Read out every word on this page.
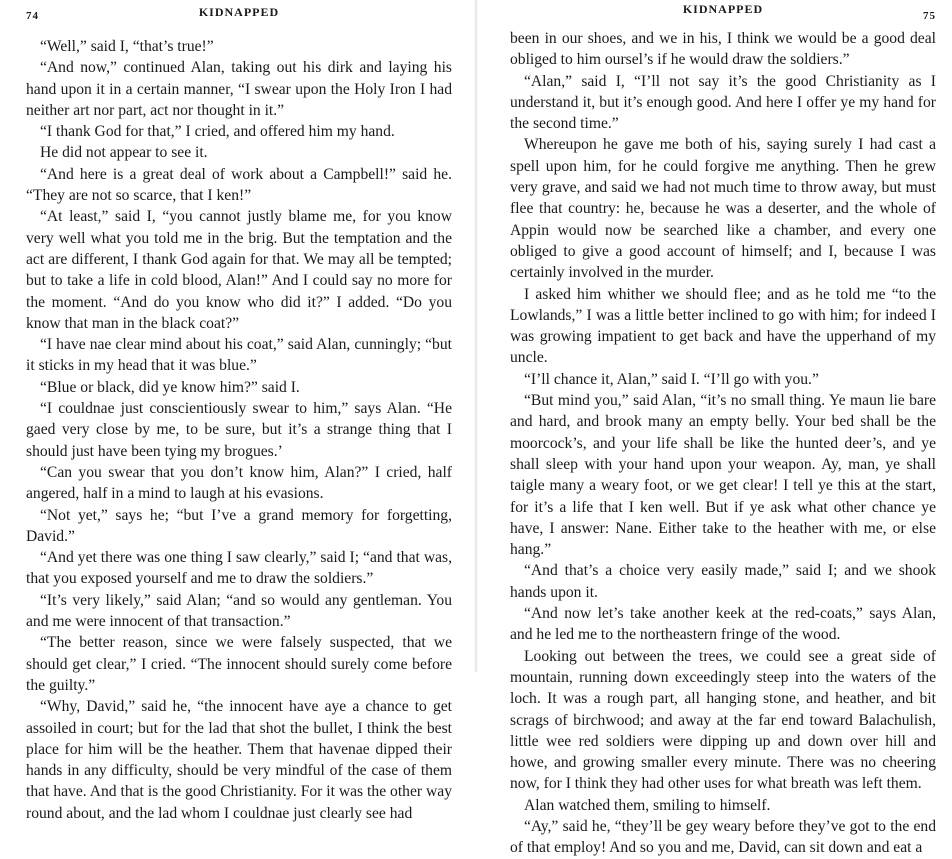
74	KIDNAPPED

“Well,” said I, “that’s true!”

“And now,” continued Alan, taking out his dirk and laying his hand upon it in a certain manner, “I swear upon the Holy Iron I had neither art nor part, act nor thought in it.”

“I thank God for that,” I cried, and offered him my hand.

He did not appear to see it.

“And here is a great deal of work about a Campbell!” said he. “They are not so scarce, that I ken!”

“At least,” said I, “you cannot justly blame me, for you know very well what you told me in the brig. But the temptation and the act are different, I thank God again for that. We may all be tempted; but to take a life in cold blood, Alan!” And I could say no more for the moment. “And do you know who did it?” I added. “Do you know that man in the black coat?”

“I have nae clear mind about his coat,” said Alan, cunningly; “but it sticks in my head that it was blue.”

“Blue or black, did ye know him?” said I.

“I couldnae just conscientiously swear to him,” says Alan. “He gaed very close by me, to be sure, but it’s a strange thing that I should just have been tying my brogues.’

“Can you swear that you don’t know him, Alan?” I cried, half angered, half in a mind to laugh at his evasions.

“Not yet,” says he; “but I’ve a grand memory for forgetting, David.”

“And yet there was one thing I saw clearly,” said I; “and that was, that you exposed yourself and me to draw the soldiers.”

“It’s very likely,” said Alan; “and so would any gentleman. You and me were innocent of that transaction.”

“The better reason, since we were falsely suspected, that we should get clear,” I cried. “The innocent should surely come before the guilty.”

“Why, David,” said he, “the innocent have aye a chance to get assoiled in court; but for the lad that shot the bullet, I think the best place for him will be the heather. Them that havenae dipped their hands in any difficulty, should be very mindful of the case of them that have. And that is the good Christianity. For it was the other way round about, and the lad whom I couldnae just clearly see had

KIDNAPPED	75

been in our shoes, and we in his, I think we would be a good deal obliged to him oursel’s if he would draw the soldiers.”

“Alan,” said I, “I’ll not say it’s the good Christianity as I understand it, but it’s enough good. And here I offer ye my hand for the second time.”

Whereupon he gave me both of his, saying surely I had cast a spell upon him, for he could forgive me anything. Then he grew very grave, and said we had not much time to throw away, but must flee that country: he, because he was a deserter, and the whole of Appin would now be searched like a chamber, and every one obliged to give a good account of himself; and I, because I was certainly involved in the murder.

I asked him whither we should flee; and as he told me “to the Lowlands,” I was a little better inclined to go with him; for indeed I was growing impatient to get back and have the upperhand of my uncle.

“I’ll chance it, Alan,” said I. “I’ll go with you.”

“But mind you,” said Alan, “it’s no small thing. Ye maun lie bare and hard, and brook many an empty belly. Your bed shall be the moorcock’s, and your life shall be like the hunted deer’s, and ye shall sleep with your hand upon your weapon. Ay, man, ye shall taigle many a weary foot, or we get clear! I tell ye this at the start, for it’s a life that I ken well. But if ye ask what other chance ye have, I answer: Nane. Either take to the heather with me, or else hang.”

“And that’s a choice very easily made,” said I; and we shook hands upon it.

“And now let’s take another keek at the red-coats,” says Alan, and he led me to the northeastern fringe of the wood.

Looking out between the trees, we could see a great side of mountain, running down exceedingly steep into the waters of the loch. It was a rough part, all hanging stone, and heather, and bit scrags of birchwood; and away at the far end toward Balachulish, little wee red soldiers were dipping up and down over hill and howe, and growing smaller every minute. There was no cheering now, for I think they had other uses for what breath was left them.

Alan watched them, smiling to himself.

“Ay,” said he, “they’ll be gey weary before they’ve got to the end of that employ! And so you and me, David, can sit down and eat a
